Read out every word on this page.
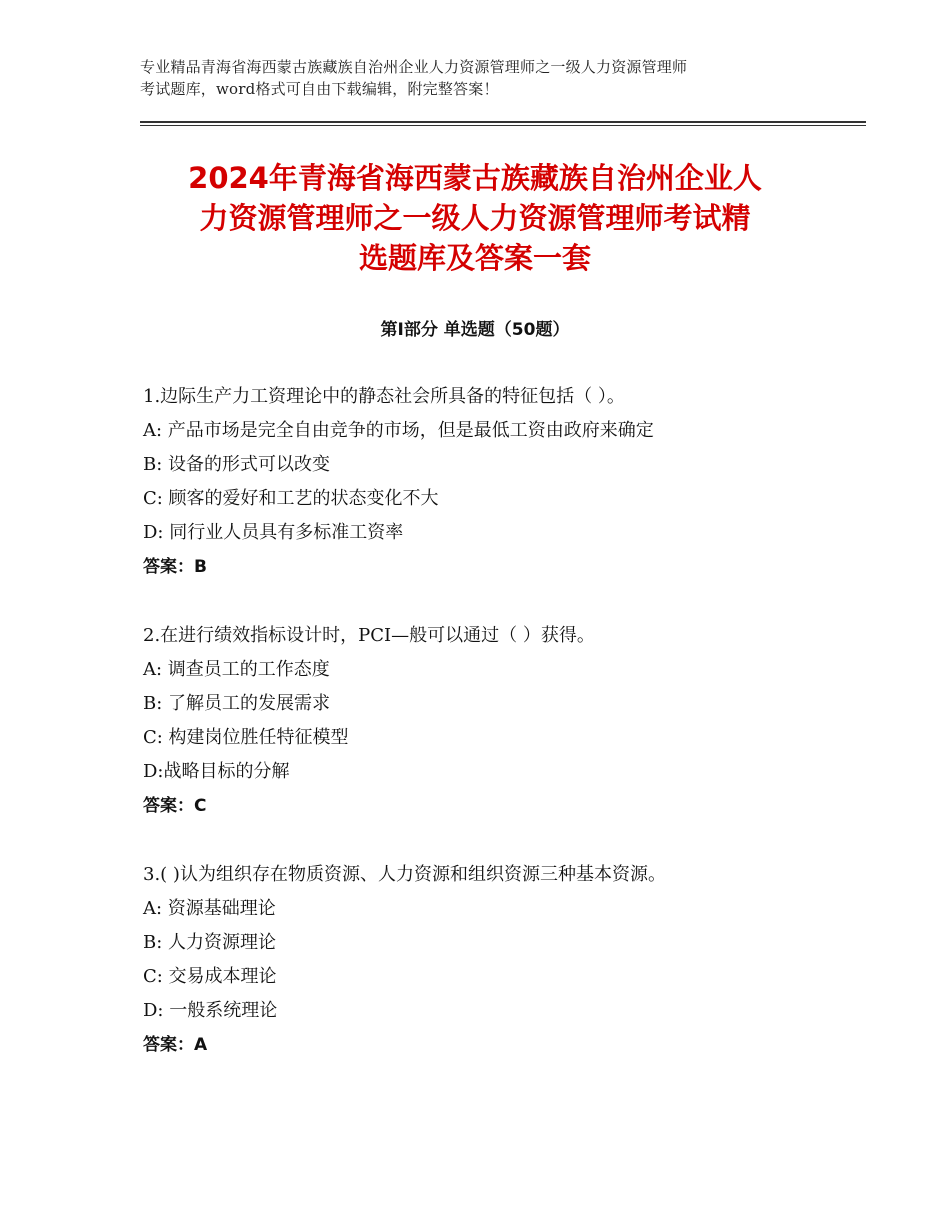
专业精品青海省海西蒙古族藏族自治州企业人力资源管理师之一级人力资源管理师
考试题库，word格式可自由下载编辑，附完整答案！
2024年青海省海西蒙古族藏族自治州企业人
力资源管理师之一级人力资源管理师考试精
选题库及答案一套
第Ⅰ部分 单选题（50题）
1.边际生产力工资理论中的静态社会所具备的特征包括（ ）。
A: 产品市场是完全自由竞争的市场，但是最低工资由政府来确定
B: 设备的形式可以改变
C: 顾客的爱好和工艺的状态变化不大
D: 同行业人员具有多标准工资率
答案：B
2.在进行绩效指标设计时，PCI—般可以通过（ ）获得。
A: 调查员工的工作态度
B: 了解员工的发展需求
C: 构建岗位胜任特征模型
D:战略目标的分解
答案：C
3.( )认为组织存在物质资源、人力资源和组织资源三种基本资源。
A: 资源基础理论
B: 人力资源理论
C: 交易成本理论
D: 一般系统理论
答案：A
